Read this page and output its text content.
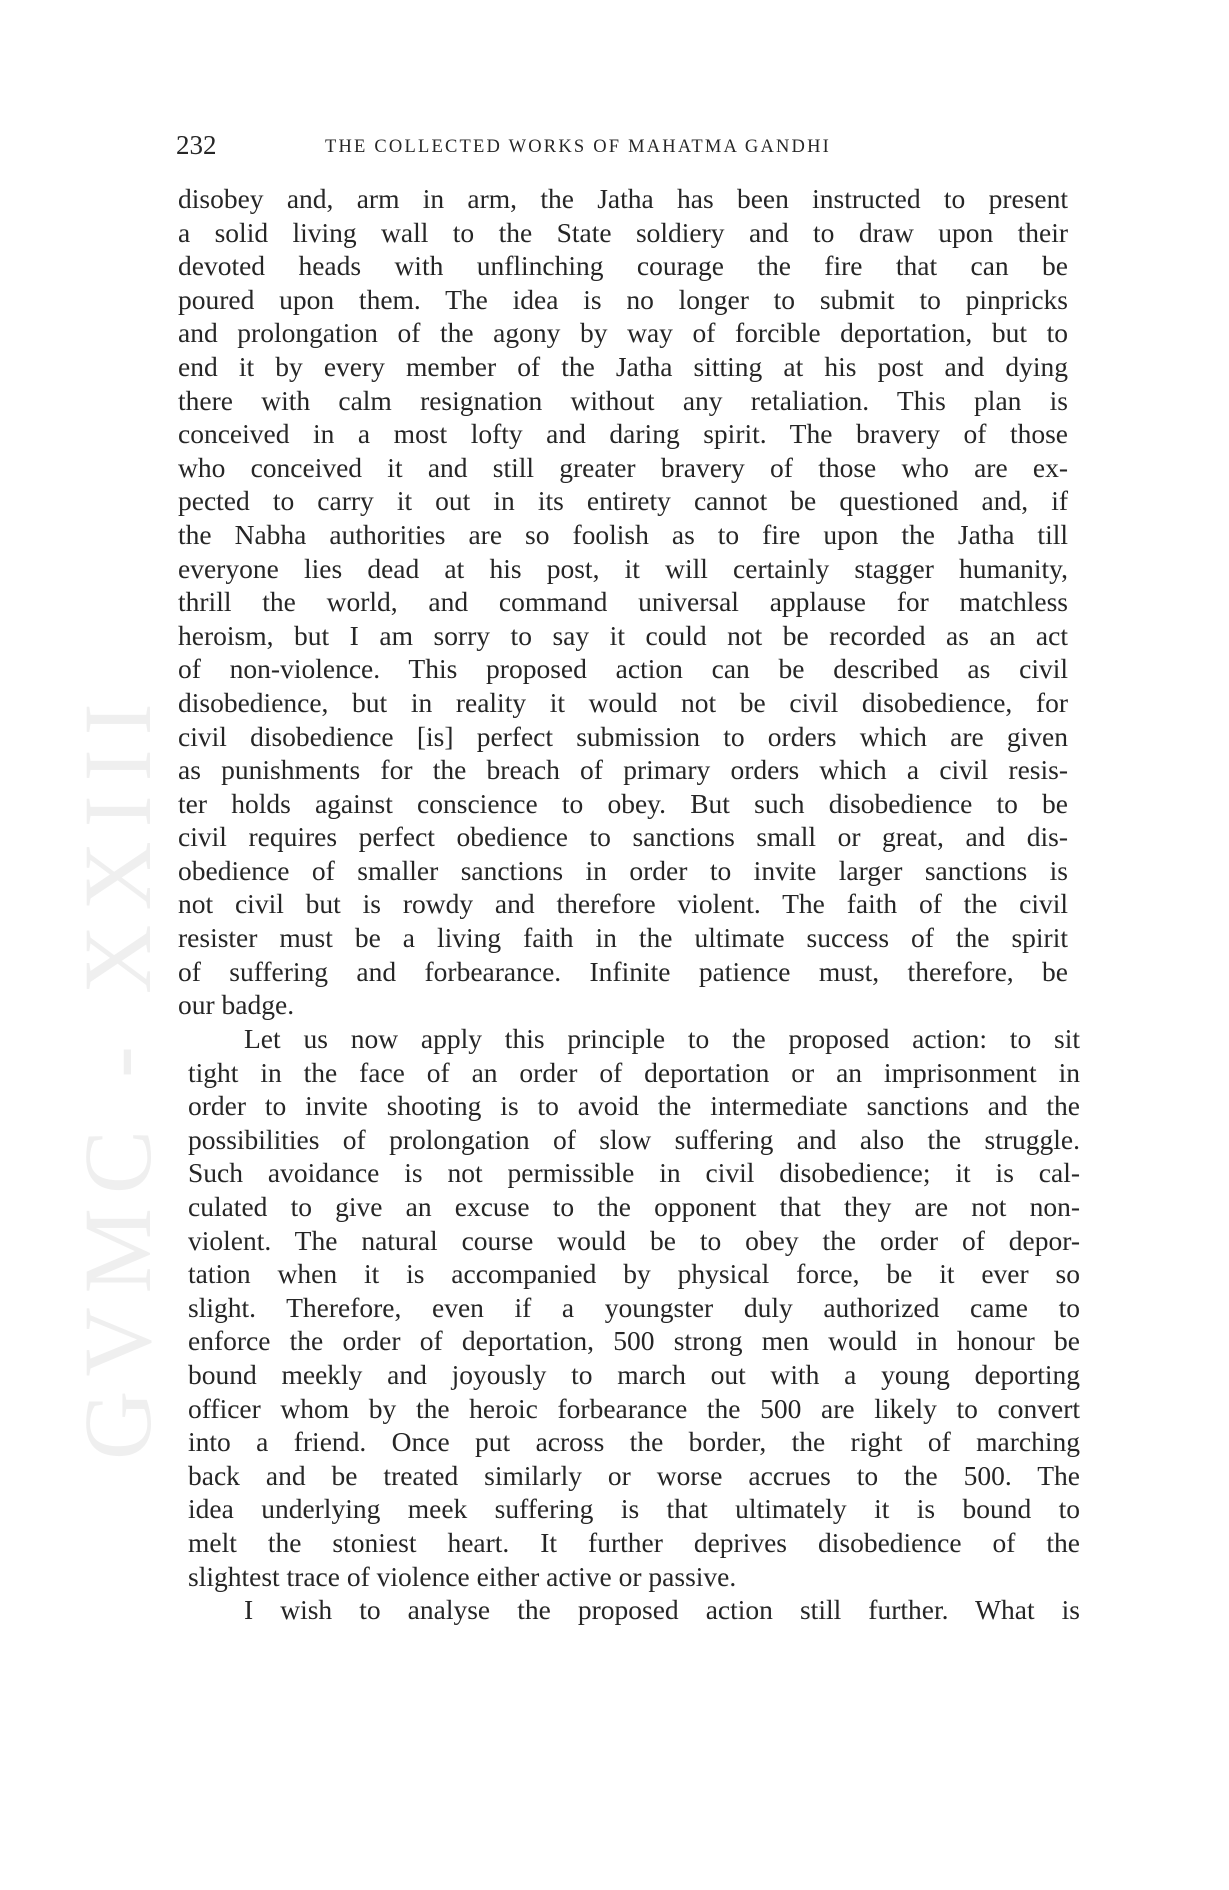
GVMC - XXIII
232	THE COLLECTED WORKS OF MAHATMA GANDHI
disobey and, arm in arm, the Jatha has been instructed to present
a solid living wall to the State soldiery and to draw upon their
devoted heads with unflinching courage the fire that can be
poured upon them. The idea is no longer to submit to pinpricks
and prolongation of the agony by way of forcible deportation, but to
end it by every member of the Jatha sitting at his post and dying
there with calm resignation without any retaliation. This plan is
conceived in a most lofty and daring spirit. The bravery of those
who conceived it and still greater bravery of those who are ex-
pected to carry it out in its entirety cannot be questioned and, if
the Nabha authorities are so foolish as to fire upon the Jatha till
everyone lies dead at his post, it will certainly stagger humanity,
thrill the world, and command universal applause for matchless
heroism, but I am sorry to say it could not be recorded as an act
of non-violence. This proposed action can be described as civil
disobedience, but in reality it would not be civil disobedience, for
civil disobedience [is] perfect submission to orders which are given
as punishments for the breach of primary orders which a civil resis-
ter holds against conscience to obey. But such disobedience to be
civil requires perfect obedience to sanctions small or great, and dis-
obedience of smaller sanctions in order to invite larger sanctions is
not civil but is rowdy and therefore violent. The faith of the civil
resister must be a living faith in the ultimate success of the spirit
of suffering and forbearance. Infinite patience must, therefore, be
our badge.
Let us now apply this principle to the proposed action: to sit
tight in the face of an order of deportation or an imprisonment in
order to invite shooting is to avoid the intermediate sanctions and the
possibilities of prolongation of slow suffering and also the struggle.
Such avoidance is not permissible in civil disobedience; it is cal-
culated to give an excuse to the opponent that they are not non-
violent. The natural course would be to obey the order of depor-
tation when it is accompanied by physical force, be it ever so
slight. Therefore, even if a youngster duly authorized came to
enforce the order of deportation, 500 strong men would in honour be
bound meekly and joyously to march out with a young deporting
officer whom by the heroic forbearance the 500 are likely to convert
into a friend. Once put across the border, the right of marching
back and be treated similarly or worse accrues to the 500. The
idea underlying meek suffering is that ultimately it is bound to
melt the stoniest heart. It further deprives disobedience of the
slightest trace of violence either active or passive.
I wish to analyse the proposed action still further. What is
